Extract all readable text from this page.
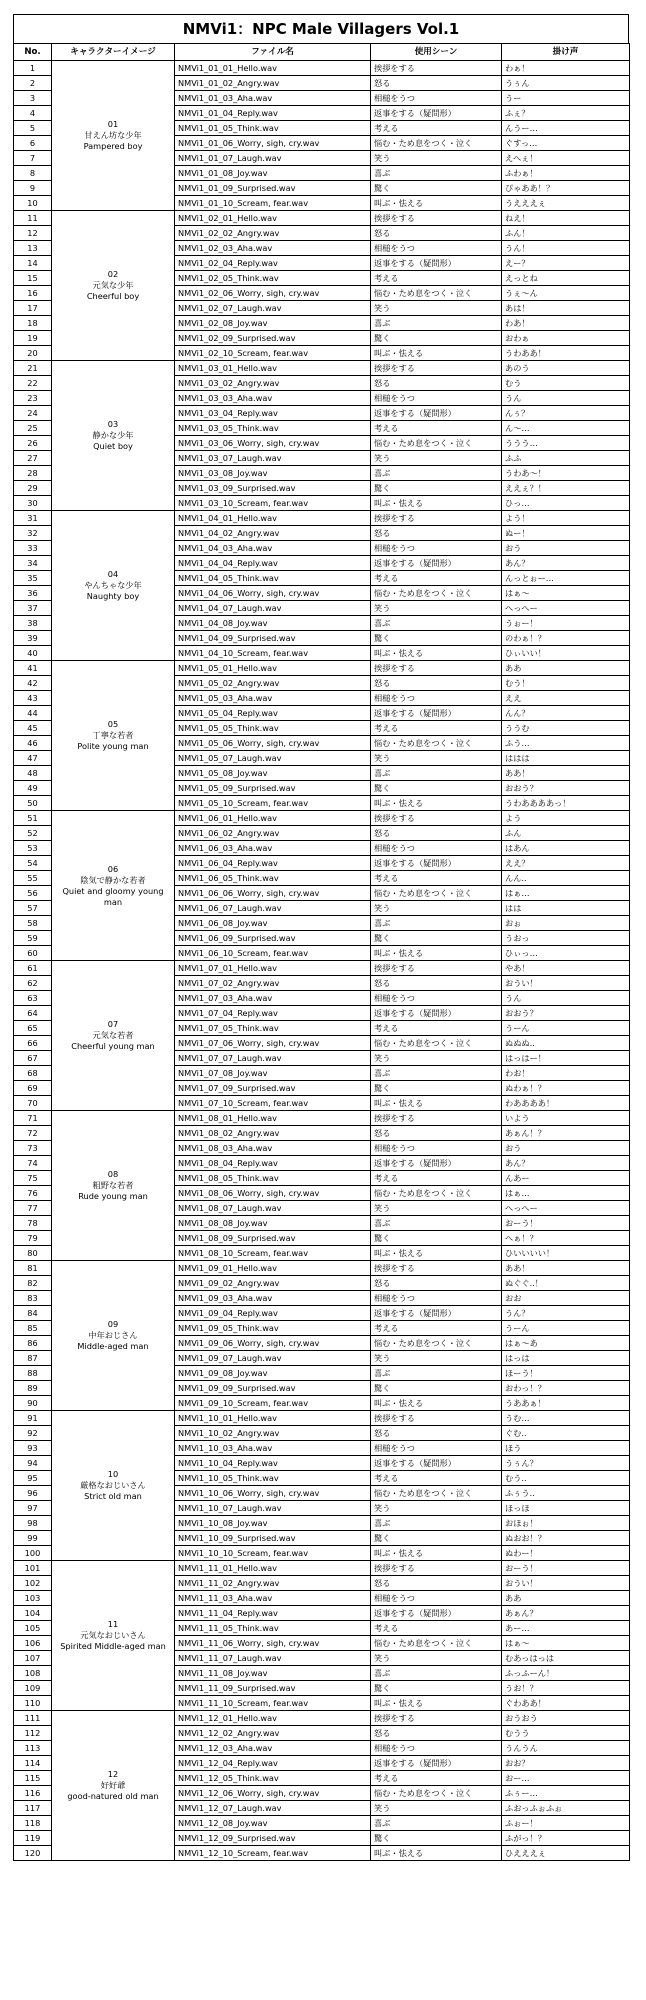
NMVi1：NPC Male Villagers Vol.1
No.	キャラクターイメージ	ファイル名	使用シーン	掛け声
1	01
甘えん坊な少年
Pampered boy	NMVi1_01_01_Hello.wav	挨拶をする	わぁ！
2		NMVi1_01_02_Angry.wav	怒る	うぅん
3		NMVi1_01_03_Aha.wav	相槌をうつ	うー
4		NMVi1_01_04_Reply.wav	返事をする（疑問形）	ふぇ？
5		NMVi1_01_05_Think.wav	考える	んうー…
6		NMVi1_01_06_Worry, sigh, cry.wav	悩む・ため息をつく・泣く	ぐすっ…
7		NMVi1_01_07_Laugh.wav	笑う	えへぇ！
8		NMVi1_01_08_Joy.wav	喜ぶ	ふわぁ！
9		NMVi1_01_09_Surprised.wav	驚く	ぴゃああ！？
10		NMVi1_01_10_Scream, fear.wav	叫ぶ・怯える	うえええぇ
11	02
元気な少年
Cheerful boy	NMVi1_02_01_Hello.wav	挨拶をする	ねえ！
12		NMVi1_02_02_Angry.wav	怒る	ふん！
13		NMVi1_02_03_Aha.wav	相槌をうつ	うん！
14		NMVi1_02_04_Reply.wav	返事をする（疑問形）	えー？
15		NMVi1_02_05_Think.wav	考える	えっとね
16		NMVi1_02_06_Worry, sigh, cry.wav	悩む・ため息をつく・泣く	うぇ～ん
17		NMVi1_02_07_Laugh.wav	笑う	あは！
18		NMVi1_02_08_Joy.wav	喜ぶ	わあ！
19		NMVi1_02_09_Surprised.wav	驚く	おわぁ
20		NMVi1_02_10_Scream, fear.wav	叫ぶ・怯える	うわああ！
21	03
静かな少年
Quiet boy	NMVi1_03_01_Hello.wav	挨拶をする	あのう
22		NMVi1_03_02_Angry.wav	怒る	むう
23		NMVi1_03_03_Aha.wav	相槌をうつ	うん
24		NMVi1_03_04_Reply.wav	返事をする（疑問形）	んぅ？
25		NMVi1_03_05_Think.wav	考える	ん～…
26		NMVi1_03_06_Worry, sigh, cry.wav	悩む・ため息をつく・泣く	ううう…
27		NMVi1_03_07_Laugh.wav	笑う	ふふ
28		NMVi1_03_08_Joy.wav	喜ぶ	うわあ～！
29		NMVi1_03_09_Surprised.wav	驚く	ええぇ？！
30		NMVi1_03_10_Scream, fear.wav	叫ぶ・怯える	ひっ…
31	04
やんちゃな少年
Naughty boy	NMVi1_04_01_Hello.wav	挨拶をする	よう！
32		NMVi1_04_02_Angry.wav	怒る	ぬー！
33		NMVi1_04_03_Aha.wav	相槌をうつ	おう
34		NMVi1_04_04_Reply.wav	返事をする（疑問形）	あん？
35		NMVi1_04_05_Think.wav	考える	んっとぉー…
36		NMVi1_04_06_Worry, sigh, cry.wav	悩む・ため息をつく・泣く	はぁ～
37		NMVi1_04_07_Laugh.wav	笑う	へっへー
38		NMVi1_04_08_Joy.wav	喜ぶ	うぉー！
39		NMVi1_04_09_Surprised.wav	驚く	のわぁ！？
40		NMVi1_04_10_Scream, fear.wav	叫ぶ・怯える	ひぃいい！
41	05
丁寧な若者
Polite young man	NMVi1_05_01_Hello.wav	挨拶をする	ああ
42		NMVi1_05_02_Angry.wav	怒る	むう！
43		NMVi1_05_03_Aha.wav	相槌をうつ	ええ
44		NMVi1_05_04_Reply.wav	返事をする（疑問形）	んん？
45		NMVi1_05_05_Think.wav	考える	ううむ
46		NMVi1_05_06_Worry, sigh, cry.wav	悩む・ため息をつく・泣く	ふう…
47		NMVi1_05_07_Laugh.wav	笑う	ははは
48		NMVi1_05_08_Joy.wav	喜ぶ	ああ！
49		NMVi1_05_09_Surprised.wav	驚く	おおう？
50		NMVi1_05_10_Scream, fear.wav	叫ぶ・怯える	うわああああっ！
51	06
陰気で静かな若者
Quiet and gloomy young man	NMVi1_06_01_Hello.wav	挨拶をする	よう
52		NMVi1_06_02_Angry.wav	怒る	ふん
53		NMVi1_06_03_Aha.wav	相槌をうつ	はあん
54		NMVi1_06_04_Reply.wav	返事をする（疑問形）	ええ？
55		NMVi1_06_05_Think.wav	考える	んん..
56		NMVi1_06_06_Worry, sigh, cry.wav	悩む・ため息をつく・泣く	はぁ…
57		NMVi1_06_07_Laugh.wav	笑う	はは
58		NMVi1_06_08_Joy.wav	喜ぶ	おぉ
59		NMVi1_06_09_Surprised.wav	驚く	うおっ
60		NMVi1_06_10_Scream, fear.wav	叫ぶ・怯える	ひぃっ…
61	07
元気な若者
Cheerful young man	NMVi1_07_01_Hello.wav	挨拶をする	やあ！
62		NMVi1_07_02_Angry.wav	怒る	おうい！
63		NMVi1_07_03_Aha.wav	相槌をうつ	うん
64		NMVi1_07_04_Reply.wav	返事をする（疑問形）	おおう？
65		NMVi1_07_05_Think.wav	考える	うーん
66		NMVi1_07_06_Worry, sigh, cry.wav	悩む・ため息をつく・泣く	ぬぬぬ..
67		NMVi1_07_07_Laugh.wav	笑う	はっはー！
68		NMVi1_07_08_Joy.wav	喜ぶ	わお！
69		NMVi1_07_09_Surprised.wav	驚く	ぬわぁ！？
70		NMVi1_07_10_Scream, fear.wav	叫ぶ・怯える	わああああ！
71	08
粗野な若者
Rude young man	NMVi1_08_01_Hello.wav	挨拶をする	いよう
72		NMVi1_08_02_Angry.wav	怒る	あぁん！？
73		NMVi1_08_03_Aha.wav	相槌をうつ	おう
74		NMVi1_08_04_Reply.wav	返事をする（疑問形）	あん？
75		NMVi1_08_05_Think.wav	考える	んあー
76		NMVi1_08_06_Worry, sigh, cry.wav	悩む・ため息をつく・泣く	はぁ…
77		NMVi1_08_07_Laugh.wav	笑う	へっへー
78		NMVi1_08_08_Joy.wav	喜ぶ	おーう！
79		NMVi1_08_09_Surprised.wav	驚く	へぁ！？
80		NMVi1_08_10_Scream, fear.wav	叫ぶ・怯える	ひいいいい！
81	09
中年おじさん
Middle-aged man	NMVi1_09_01_Hello.wav	挨拶をする	ああ！
82		NMVi1_09_02_Angry.wav	怒る	ぬぐぐ..！
83		NMVi1_09_03_Aha.wav	相槌をうつ	おお
84		NMVi1_09_04_Reply.wav	返事をする（疑問形）	うん？
85		NMVi1_09_05_Think.wav	考える	うーん
86		NMVi1_09_06_Worry, sigh, cry.wav	悩む・ため息をつく・泣く	はぁ～あ
87		NMVi1_09_07_Laugh.wav	笑う	はっは
88		NMVi1_09_08_Joy.wav	喜ぶ	ほーう！
89		NMVi1_09_09_Surprised.wav	驚く	おわっ！？
90		NMVi1_09_10_Scream, fear.wav	叫ぶ・怯える	うああぁ！
91	10
厳格なおじいさん
Strict old man	NMVi1_10_01_Hello.wav	挨拶をする	うむ…
92		NMVi1_10_02_Angry.wav	怒る	ぐむ..
93		NMVi1_10_03_Aha.wav	相槌をうつ	ほう
94		NMVi1_10_04_Reply.wav	返事をする（疑問形）	うぅん？
95		NMVi1_10_05_Think.wav	考える	むう..
96		NMVi1_10_06_Worry, sigh, cry.wav	悩む・ため息をつく・泣く	ふぅう..
97		NMVi1_10_07_Laugh.wav	笑う	ほっほ
98		NMVi1_10_08_Joy.wav	喜ぶ	おほぉ！
99		NMVi1_10_09_Surprised.wav	驚く	ぬおお！？
100		NMVi1_10_10_Scream, fear.wav	叫ぶ・怯える	ぬわー！
101	11
元気なおじいさん
Spirited Middle-aged man	NMVi1_11_01_Hello.wav	挨拶をする	おーう！
102		NMVi1_11_02_Angry.wav	怒る	おうい！
103		NMVi1_11_03_Aha.wav	相槌をうつ	ああ
104		NMVi1_11_04_Reply.wav	返事をする（疑問形）	あぁん？
105		NMVi1_11_05_Think.wav	考える	あー…
106		NMVi1_11_06_Worry, sigh, cry.wav	悩む・ため息をつく・泣く	はぁ～
107		NMVi1_11_07_Laugh.wav	笑う	むあっはっは
108		NMVi1_11_08_Joy.wav	喜ぶ	ふっふーん！
109		NMVi1_11_09_Surprised.wav	驚く	うお！？
110		NMVi1_11_10_Scream, fear.wav	叫ぶ・怯える	ぐわああ！
111	12
好好爺
good-natured old man	NMVi1_12_01_Hello.wav	挨拶をする	おうおう
112		NMVi1_12_02_Angry.wav	怒る	むうう
113		NMVi1_12_03_Aha.wav	相槌をうつ	うんうん
114		NMVi1_12_04_Reply.wav	返事をする（疑問形）	おお？
115		NMVi1_12_05_Think.wav	考える	おー…
116		NMVi1_12_06_Worry, sigh, cry.wav	悩む・ため息をつく・泣く	ふぅー…
117		NMVi1_12_07_Laugh.wav	笑う	ふおっふぉふぉ
118		NMVi1_12_08_Joy.wav	喜ぶ	ふぉー！
119		NMVi1_12_09_Surprised.wav	驚く	ふがっ！？
120		NMVi1_12_10_Scream, fear.wav	叫ぶ・怯える	ひえええぇ
